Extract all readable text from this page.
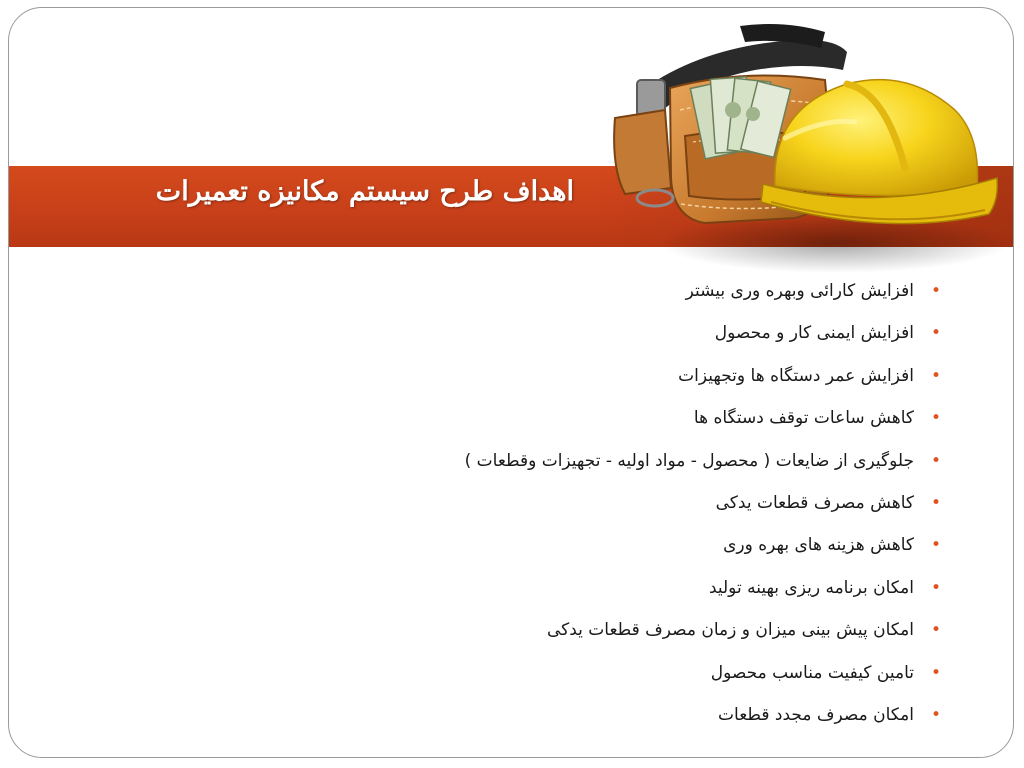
اهداف طرح سیستم مکانیزه تعمیرات
•
افزایش کارائی وبهره وری بیشتر
•
افزایش ایمنی کار و محصول
•
افزایش عمر دستگاه ها وتجهیزات
•
کاهش ساعات توقف دستگاه ها
•
جلوگیری از ضایعات ( محصول - مواد اولیه - تجهیزات وقطعات )
•
کاهش مصرف قطعات یدکی
•
کاهش هزینه های بهره وری
•
امکان برنامه ریزی بهینه تولید
•
امکان پیش بینی میزان و زمان مصرف قطعات یدکی
•
تامین کیفیت مناسب محصول
•
امکان مصرف مجدد قطعات
